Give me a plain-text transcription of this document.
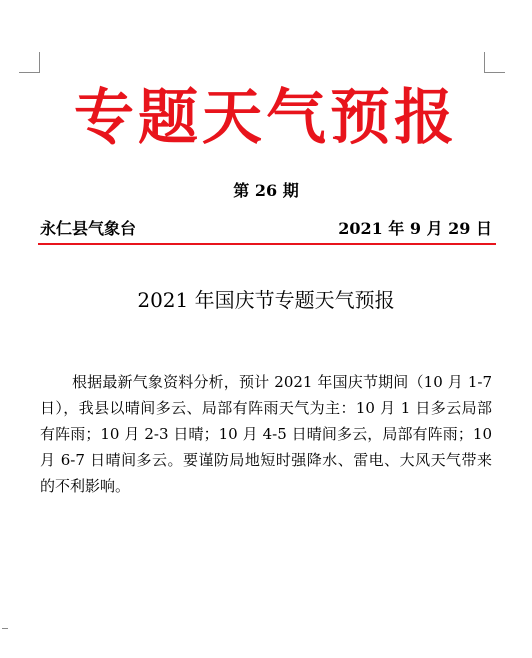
专题天气预报
第 26 期
永仁县气象台	2021 年 9 月 29 日
2021 年国庆节专题天气预报

根据最新气象资料分析，预计 2021 年国庆节期间（10 月 1-7 日），我县以晴间多云、局部有阵雨天气为主：10 月 1 日多云局部有阵雨；10 月 2-3 日晴；10 月 4-5 日晴间多云，局部有阵雨；10 月 6-7 日晴间多云。要谨防局地短时强降水、雷电、大风天气带来的不利影响。
